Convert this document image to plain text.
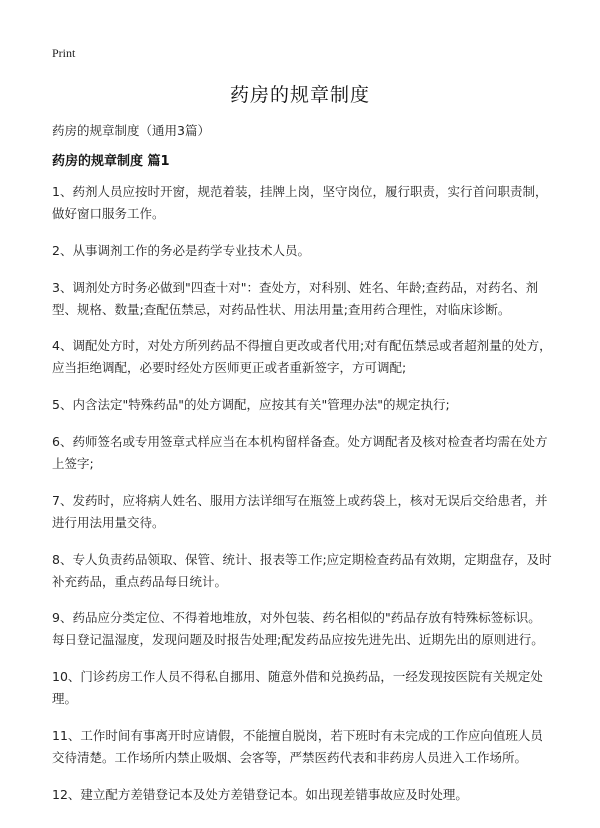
Print
药房的规章制度
药房的规章制度（通用3篇）
药房的规章制度 篇1
1、药剂人员应按时开窗，规范着装，挂牌上岗，坚守岗位，履行职责，实行首问职责制，做好窗口服务工作。
2、从事调剂工作的务必是药学专业技术人员。
3、调剂处方时务必做到"四查十对"：查处方，对科别、姓名、年龄;查药品，对药名、剂型、规格、数量;查配伍禁忌，对药品性状、用法用量;查用药合理性，对临床诊断。
4、调配处方时，对处方所列药品不得擅自更改或者代用;对有配伍禁忌或者超剂量的处方，应当拒绝调配，必要时经处方医师更正或者重新签字，方可调配;
5、内含法定"特殊药品"的处方调配，应按其有关"管理办法"的规定执行;
6、药师签名或专用签章式样应当在本机构留样备查。处方调配者及核对检查者均需在处方上签字;
7、发药时，应将病人姓名、服用方法详细写在瓶签上或药袋上，核对无误后交给患者，并进行用法用量交待。
8、专人负责药品领取、保管、统计、报表等工作;应定期检查药品有效期，定期盘存，及时补充药品，重点药品每日统计。
9、药品应分类定位、不得着地堆放，对外包装、药名相似的"药品存放有特殊标签标识。每日登记温湿度，发现问题及时报告处理;配发药品应按先进先出、近期先出的原则进行。
10、门诊药房工作人员不得私自挪用、随意外借和兑换药品，一经发现按医院有关规定处理。
11、工作时间有事离开时应请假，不能擅自脱岗，若下班时有未完成的工作应向值班人员交待清楚。工作场所内禁止吸烟、会客等，严禁医药代表和非药房人员进入工作场所。
12、建立配方差错登记本及处方差错登记本。如出现差错事故应及时处理。
